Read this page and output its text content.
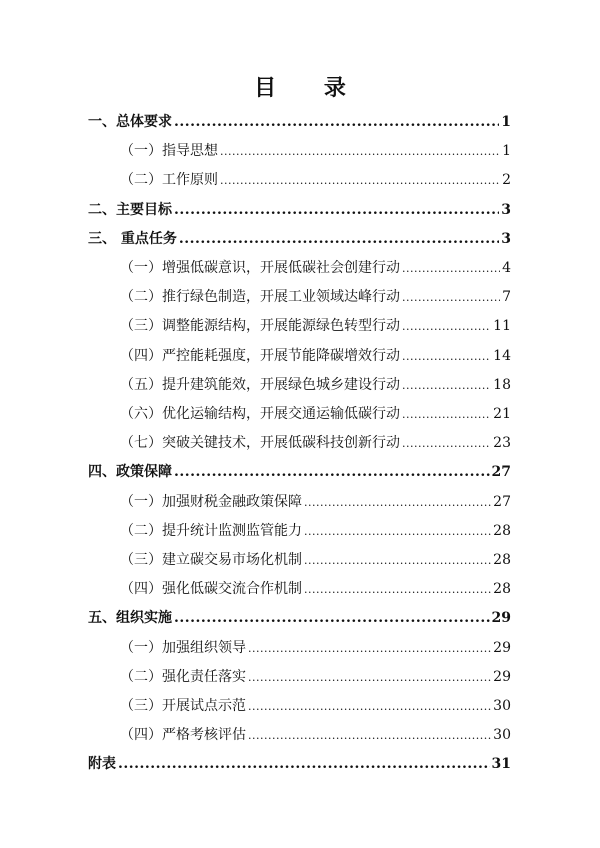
目 录
一、总体要求 .....	1
（一）指导思想 .....	1
（二）工作原则 .....	2
二、主要目标 .....	3
三、 重点任务 .....	3
（一）增强低碳意识，开展低碳社会创建行动 .....	4
（二）推行绿色制造，开展工业领域达峰行动 .....	7
（三）调整能源结构，开展能源绿色转型行动 .....	11
（四）严控能耗强度，开展节能降碳增效行动 .....	14
（五）提升建筑能效，开展绿色城乡建设行动 .....	18
（六）优化运输结构，开展交通运输低碳行动 .....	21
（七）突破关键技术，开展低碳科技创新行动 .....	23
四、政策保障 .....	27
（一）加强财税金融政策保障 .....	27
（二）提升统计监测监管能力 .....	28
（三）建立碳交易市场化机制 .....	28
（四）强化低碳交流合作机制 .....	28
五、组织实施 .....	29
（一）加强组织领导 .....	29
（二）强化责任落实 .....	29
（三）开展试点示范 .....	30
（四）严格考核评估 .....	30
附表 .....	31
